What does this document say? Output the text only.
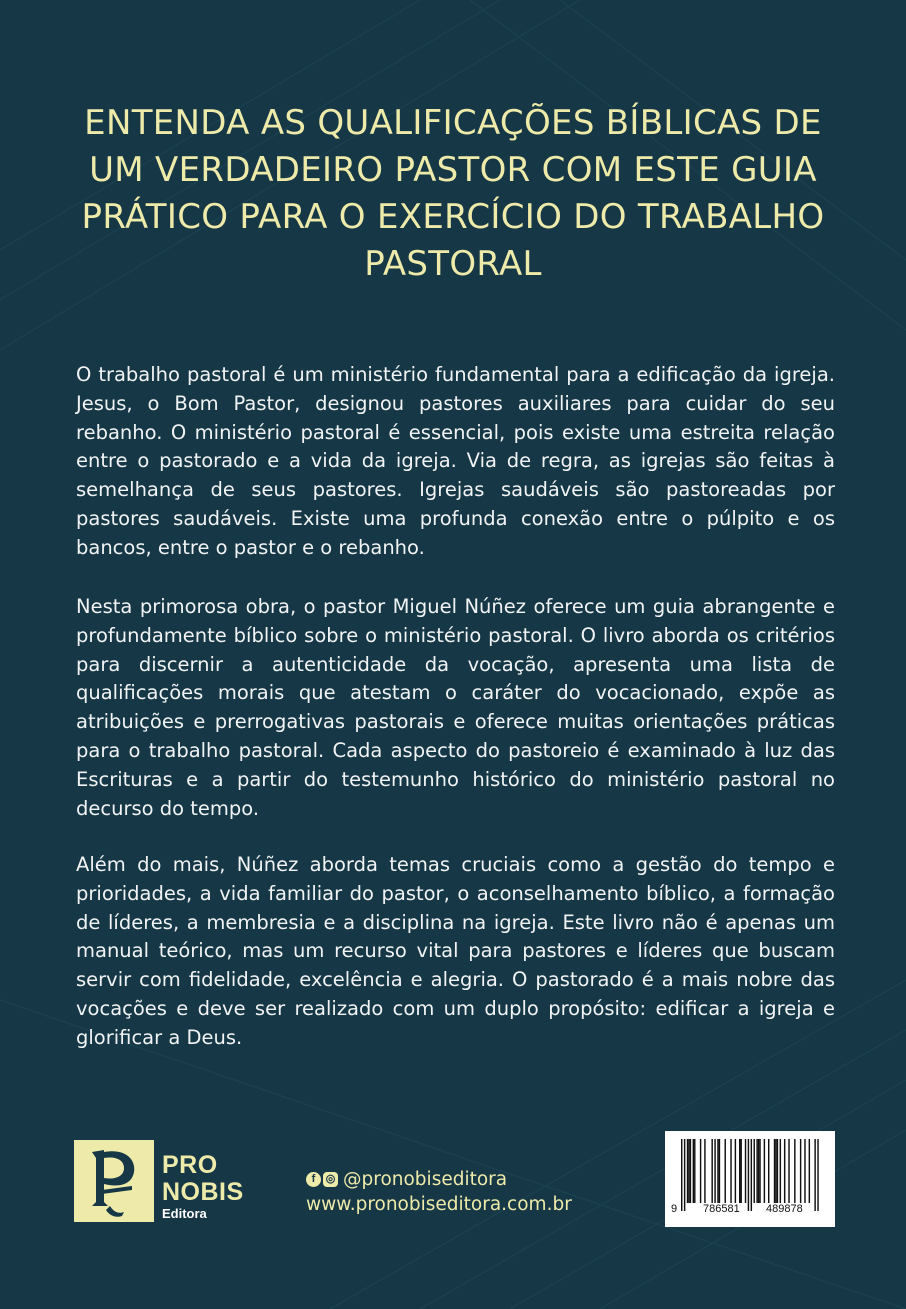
ENTENDA AS QUALIFICAÇÕES BÍBLICAS DE UM VERDADEIRO PASTOR COM ESTE GUIA PRÁTICO PARA O EXERCÍCIO DO TRABALHO PASTORAL

O trabalho pastoral é um ministério fundamental para a edificação da igreja. Jesus, o Bom Pastor, designou pastores auxiliares para cuidar do seu rebanho. O ministério pastoral é essencial, pois existe uma estreita relação entre o pastorado e a vida da igreja. Via de regra, as igrejas são feitas à semelhança de seus pastores. Igrejas saudáveis são pastoreadas por pastores saudáveis. Existe uma profunda conexão entre o púlpito e os bancos, entre o pastor e o rebanho.

Nesta primorosa obra, o pastor Miguel Núñez oferece um guia abrangente e profundamente bíblico sobre o ministério pastoral. O livro aborda os critérios para discernir a autenticidade da vocação, apresenta uma lista de qualificações morais que atestam o caráter do vocacionado, expõe as atribuições e prerrogativas pastorais e oferece muitas orientações práticas para o trabalho pastoral. Cada aspecto do pastoreio é examinado à luz das Escrituras e a partir do testemunho histórico do ministério pastoral no decurso do tempo.

Além do mais, Núñez aborda temas cruciais como a gestão do tempo e prioridades, a vida familiar do pastor, o aconselhamento bíblico, a formação de líderes, a membresia e a disciplina na igreja. Este livro não é apenas um manual teórico, mas um recurso vital para pastores e líderes que buscam servir com fidelidade, excelência e alegria. O pastorado é a mais nobre das vocações e deve ser realizado com um duplo propósito: edificar a igreja e glorificar a Deus.

PRO
NOBIS
Editora
f ◎ @pronobiseditora
www.pronobiseditora.com.br	9 786581 489878
